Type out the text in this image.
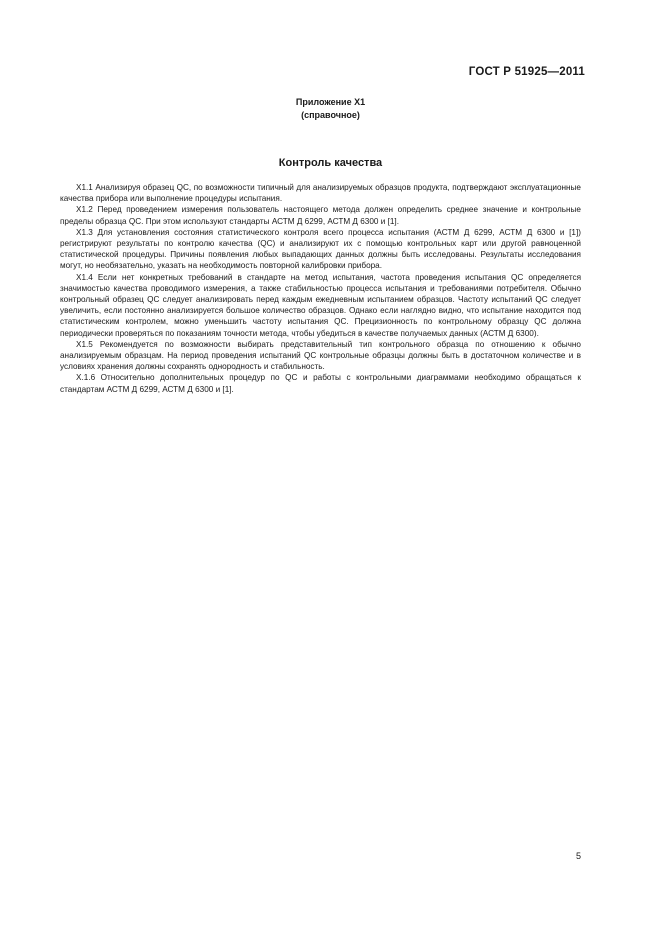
ГОСТ Р 51925—2011
Приложение Х1
(справочное)
Контроль качества

Х1.1 Анализируя образец QC, по возможности типичный для анализируемых образцов продукта, подтверждают эксплуатационные качества прибора или выполнение процедуры испытания.

Х1.2 Перед проведением измерения пользователь настоящего метода должен определить среднее значение и контрольные пределы образца QC. При этом используют стандарты АСТМ Д 6299, АСТМ Д 6300 и [1].

Х1.3 Для установления состояния статистического контроля всего процесса испытания (АСТМ Д 6299, АСТМ Д 6300 и [1]) регистрируют результаты по контролю качества (QC) и анализируют их с помощью контрольных карт или другой равноценной статистической процедуры. Причины появления любых выпадающих данных должны быть исследованы. Результаты исследования могут, но необязательно, указать на необходимость повторной калибровки прибора.

Х1.4 Если нет конкретных требований в стандарте на метод испытания, частота проведения испытания QC определяется значимостью качества проводимого измерения, а также стабильностью процесса испытания и требованиями потребителя. Обычно контрольный образец QC следует анализировать перед каждым ежедневным испытанием образцов. Частоту испытаний QC следует увеличить, если постоянно анализируется большое количество образцов. Однако если наглядно видно, что испытание находится под статистическим контролем, можно уменьшить частоту испытания QC. Прецизионность по контрольному образцу QC должна периодически проверяться по показаниям точности метода, чтобы убедиться в качестве получаемых данных (АСТМ Д 6300).

Х1.5 Рекомендуется по возможности выбирать представительный тип контрольного образца по отношению к обычно анализируемым образцам. На период проведения испытаний QC контрольные образцы должны быть в достаточном количестве и в условиях хранения должны сохранять однородность и стабильность.

Х.1.6 Относительно дополнительных процедур по QC и работы с контрольными диаграммами необходимо обращаться к стандартам АСТМ Д 6299, АСТМ Д 6300 и [1].

5
